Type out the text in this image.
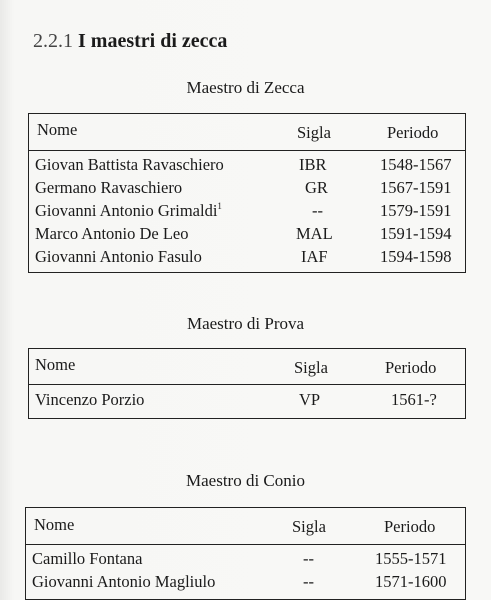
2.2.1 I maestri di zecca
Maestro di Zecca
Nome	Sigla	Periodo
Giovan Battista Ravaschiero	IBR	1548-1567
Germano Ravaschiero	GR	1567-1591
Giovanni Antonio Grimaldi$^1$	--	1579-1591
Marco Antonio De Leo	MAL	1591-1594
Giovanni Antonio Fasulo	IAF	1594-1598
Maestro di Prova
Nome	Sigla	Periodo
Vincenzo Porzio	VP	1561-?
Maestro di Conio
Nome	Sigla	Periodo
Camillo Fontana	--	1555-1571
Giovanni Antonio Magliulo	--	1571-1600
